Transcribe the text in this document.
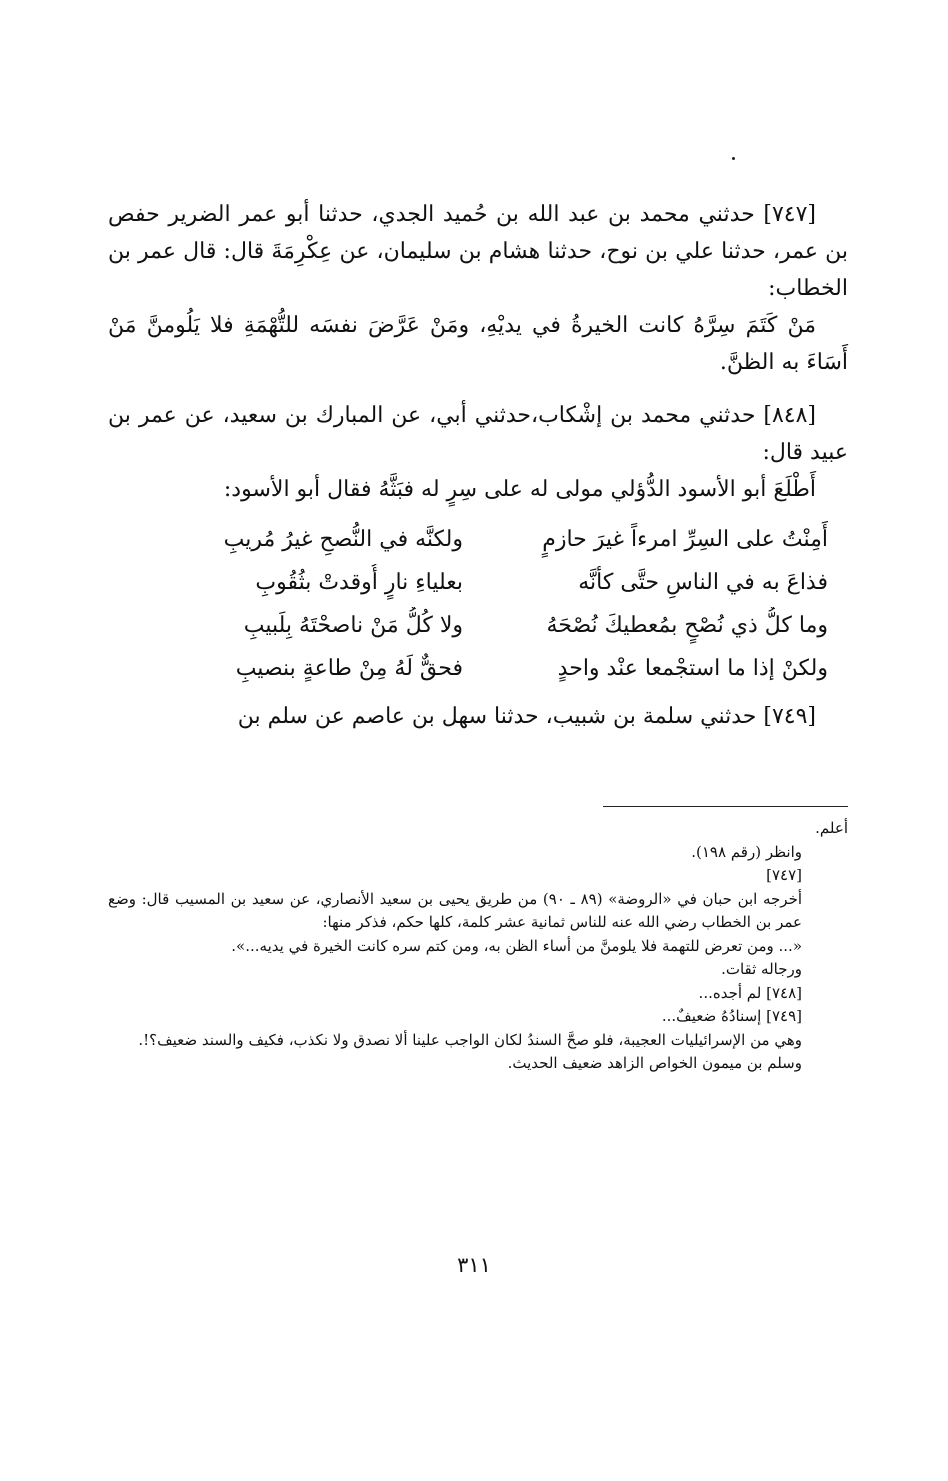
[٧٤٧] حدثني محمد بن عبد الله بن حُميد الجدي، حدثنا أبو عمر الضرير حفص بن عمر، حدثنا علي بن نوح، حدثنا هشام بن سليمان، عن عِكْرِمَةَ قال: قال عمر بن الخطاب:

مَنْ كَتَمَ سِرَّهُ كانت الخيرةُ في يديْهِ، ومَنْ عَرَّضَ نفسَه للتُّهْمَةِ فلا يَلُومنَّ مَنْ أَسَاءَ به الظنَّ.

[٨٤٨] حدثني محمد بن إشْكاب،حدثني أبي، عن المبارك بن سعيد، عن عمر بن عبيد قال:

أَطْلَعَ أبو الأسود الدُّؤلي مولى له على سِرٍ له فبَثَّهُ فقال أبو الأسود:

أَمِنْتُ على السِرِّ امرءاً غيرَ حازمٍ
ولكنَّه في النُّصحِ غيرُ مُريبِ
فذاعَ به في الناسِ حتَّى كأنَّه
بعلياءِ نارٍ أُوقدتْ بثُقُوبِ
وما كلُّ ذي نُصْحٍ بمُعطيكَ نُصْحَهُ
ولا كُلُّ مَنْ ناصحْتَهُ بِلَبيبِ
ولكنْ إذا ما استجْمعا عنْد واحدٍ
فحقٌّ لَهُ مِنْ طاعةٍ بنصيبِ

[٧٤٩] حدثني سلمة بن شبيب، حدثنا سهل بن عاصم عن سلم بن

أعلم.

وانظر (رقم ١٩٨).

[٧٤٧]

أخرجه ابن حبان في «الروضة» (٨٩ ـ ٩٠) من طريق يحيى بن سعيد الأنصاري، عن سعيد بن المسيب قال: وضع عمر بن الخطاب رضي الله عنه للناس ثمانية عشر كلمة، كلها حكم، فذكر منها:

«... ومن تعرض للتهمة فلا يلومنَّ من أساء الظن به، ومن كتم سره كانت الخيرة في يديه...».

ورجاله ثقات.

[٧٤٨] لم أجده...

[٧٤٩] إسنادُهُ ضعيفٌ...

وهي من الإسرائيليات العجيبة، فلو صحَّ السندُ لكان الواجب علينا ألا نصدق ولا نكذب، فكيف والسند ضعيف؟!.

وسلم بن ميمون الخواص الزاهد ضعيف الحديث.

٣١١
